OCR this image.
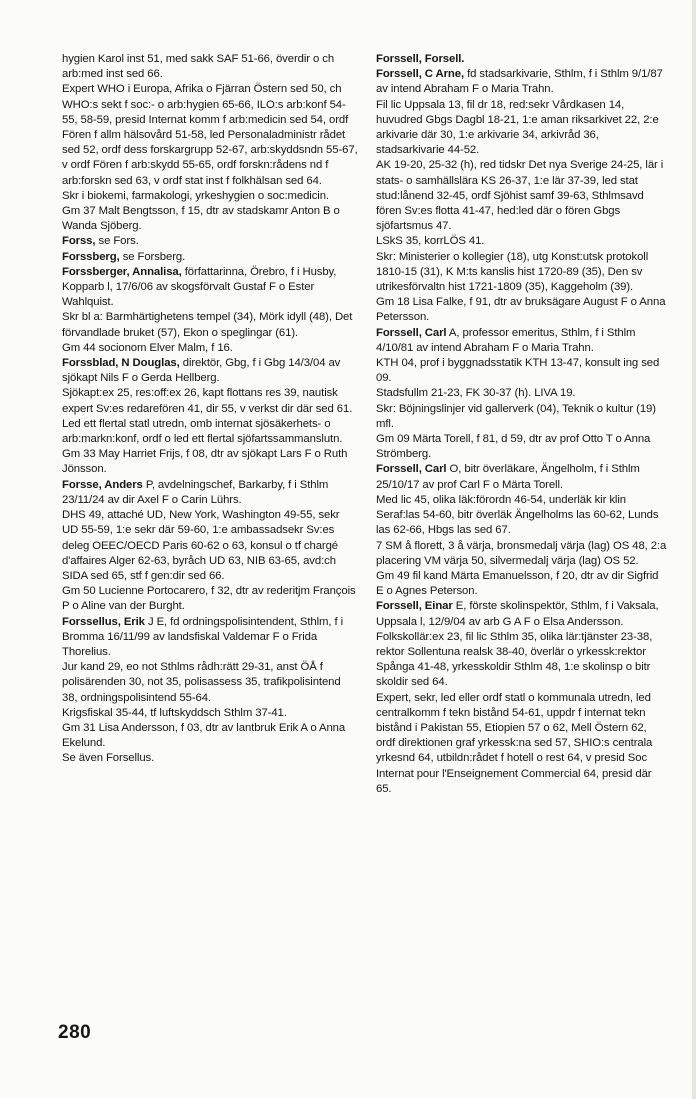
hygien Karol inst 51, med sakk SAF 51-66, överdir o ch arb:med inst sed 66.

Expert WHO i Europa, Afrika o Fjärran Östern sed 50, ch WHO:s sekt f soc:- o arb:hygien 65-66, ILO:s arb:konf 54-55, 58-59, presid Internat komm f arb:medicin sed 54, ordf Fören f allm hälsovård 51-58, led Personaladministr rådet sed 52, ordf dess forskargrupp 52-67, arb:skyddsndn 55-67, v ordf Fören f arb:skydd 55-65, ordf forskn:rådens nd f arb:forskn sed 63, v ordf stat inst f folkhälsan sed 64.

Skr i biokemi, farmakologi, yrkeshygien o soc:medicin.

Gm 37 Malt Bengtsson, f 15, dtr av stadskamr Anton B o Wanda Sjöberg.

Forss, se Fors.

Forssberg, se Forsberg.

Forssberger, Annalisa, författarinna, Örebro, f i Husby, Kopparb l, 17/6/06 av skogsförvalt Gustaf F o Ester Wahlquist.

Skr bl a: Barmhärtighetens tempel (34), Mörk idyll (48), Det förvandlade bruket (57), Ekon o speglingar (61).

Gm 44 socionom Elver Malm, f 16.

Forssblad, N Douglas, direktör, Gbg, f i Gbg 14/3/04 av sjökapt Nils F o Gerda Hellberg.

Sjökapt:ex 25, res:off:ex 26, kapt flottans res 39, nautisk expert Sv:es redarefören 41, dir 55, v verkst dir där sed 61.

Led ett flertal statl utredn, omb internat sjösäkerhets- o arb:markn:konf, ordf o led ett flertal sjöfartssammanslutn.

Gm 33 May Harriet Frijs, f 08, dtr av sjökapt Lars F o Ruth Jönsson.

Forsse, Anders P, avdelningschef, Barkarby, f i Sthlm 23/11/24 av dir Axel F o Carin Lührs.

DHS 49, attaché UD, New York, Washington 49-55, sekr UD 55-59, 1:e sekr där 59-60, 1:e ambassadsekr Sv:es deleg OEEC/OECD Paris 60-62 o 63, konsul o tf chargé d'affaires Alger 62-63, byråch UD 63, NIB 63-65, avd:ch SIDA sed 65, stf f gen:dir sed 66.

Gm 50 Lucienne Portocarero, f 32, dtr av rederitjm François P o Aline van der Burght.

Forssellus, Erik J E, fd ordningspolisintendent, Sthlm, f i Bromma 16/11/99 av landsfiskal Valdemar F o Frida Thorelius.

Jur kand 29, eo not Sthlms rådh:rätt 29-31, anst ÖÅ f polisärenden 30, not 35, polisassess 35, trafikpolisintend 38, ordningspolisintend 55-64.

Krigsfiskal 35-44, tf luftskyddsch Sthlm 37-41.

Gm 31 Lisa Andersson, f 03, dtr av lantbruk Erik A o Anna Ekelund.

Se även Forsellus.

Forssell, Forsell.

Forssell, C Arne, fd stadsarkivarie, Sthlm, f i Sthlm 9/1/87 av intend Abraham F o Maria Trahn.

Fil lic Uppsala 13, fil dr 18, red:sekr Vårdkasen 14, huvudred Gbgs Dagbl 18-21, 1:e aman riksarkivet 22, 2:e arkivarie där 30, 1:e arkivarie 34, arkivråd 36, stadsarkivarie 44-52.

AK 19-20, 25-32 (h), red tidskr Det nya Sverige 24-25, lär i stats- o samhällslära KS 26-37, 1:e lär 37-39, led stat stud:lånend 32-45, ordf Sjöhist samf 39-63, Sthlmsavd fören Sv:es flotta 41-47, hed:led där o fören Gbgs sjöfartsmus 47.

LSkS 35, korrLÖS 41.

Skr: Ministerier o kollegier (18), utg Konst:utsk protokoll 1810-15 (31), K M:ts kanslis hist 1720-89 (35), Den sv utrikesförvaltn hist 1721-1809 (35), Kaggeholm (39).

Gm 18 Lisa Falke, f 91, dtr av bruksägare August F o Anna Petersson.

Forssell, Carl A, professor emeritus, Sthlm, f i Sthlm 4/10/81 av intend Abraham F o Maria Trahn.

KTH 04, prof i byggnadsstatik KTH 13-47, konsult ing sed 09.

Stadsfullm 21-23, FK 30-37 (h). LIVA 19.

Skr: Böjningslinjer vid gallerverk (04), Teknik o kultur (19) mfl.

Gm 09 Märta Torell, f 81, d 59, dtr av prof Otto T o Anna Strömberg.

Forssell, Carl O, bitr överläkare, Ängelholm, f i Sthlm 25/10/17 av prof Carl F o Märta Torell.

Med lic 45, olika läk:förordn 46-54, underläk kir klin Seraf:las 54-60, bitr överläk Ängelholms las 60-62, Lunds las 62-66, Hbgs las sed 67.

7 SM å florett, 3 å värja, bronsmedalj värja (lag) OS 48, 2:a placering VM värja 50, silvermedalj värja (lag) OS 52.

Gm 49 fil kand Märta Emanuelsson, f 20, dtr av dir Sigfrid E o Agnes Peterson.

Forssell, Einar E, förste skolinspektör, Sthlm, f i Vaksala, Uppsala l, 12/9/04 av arb G A F o Elsa Andersson.

Folkskollär:ex 23, fil lic Sthlm 35, olika lär:tjänster 23-38, rektor Sollentuna realsk 38-40, överlär o yrkessk:rektor Spånga 41-48, yrkesskoldir Sthlm 48, 1:e skolinsp o bitr skoldir sed 64.

Expert, sekr, led eller ordf statl o kommunala utredn, led centralkomm f tekn bistånd 54-61, uppdr f internat tekn bistånd i Pakistan 55, Etiopien 57 o 62, Mell Östern 62, ordf direktionen graf yrkessk:na sed 57, SHIO:s centrala yrkesnd 64, utbildn:rådet f hotell o rest 64, v presid Soc Internat pour l'Enseignement Commercial 64, presid där 65.

280
